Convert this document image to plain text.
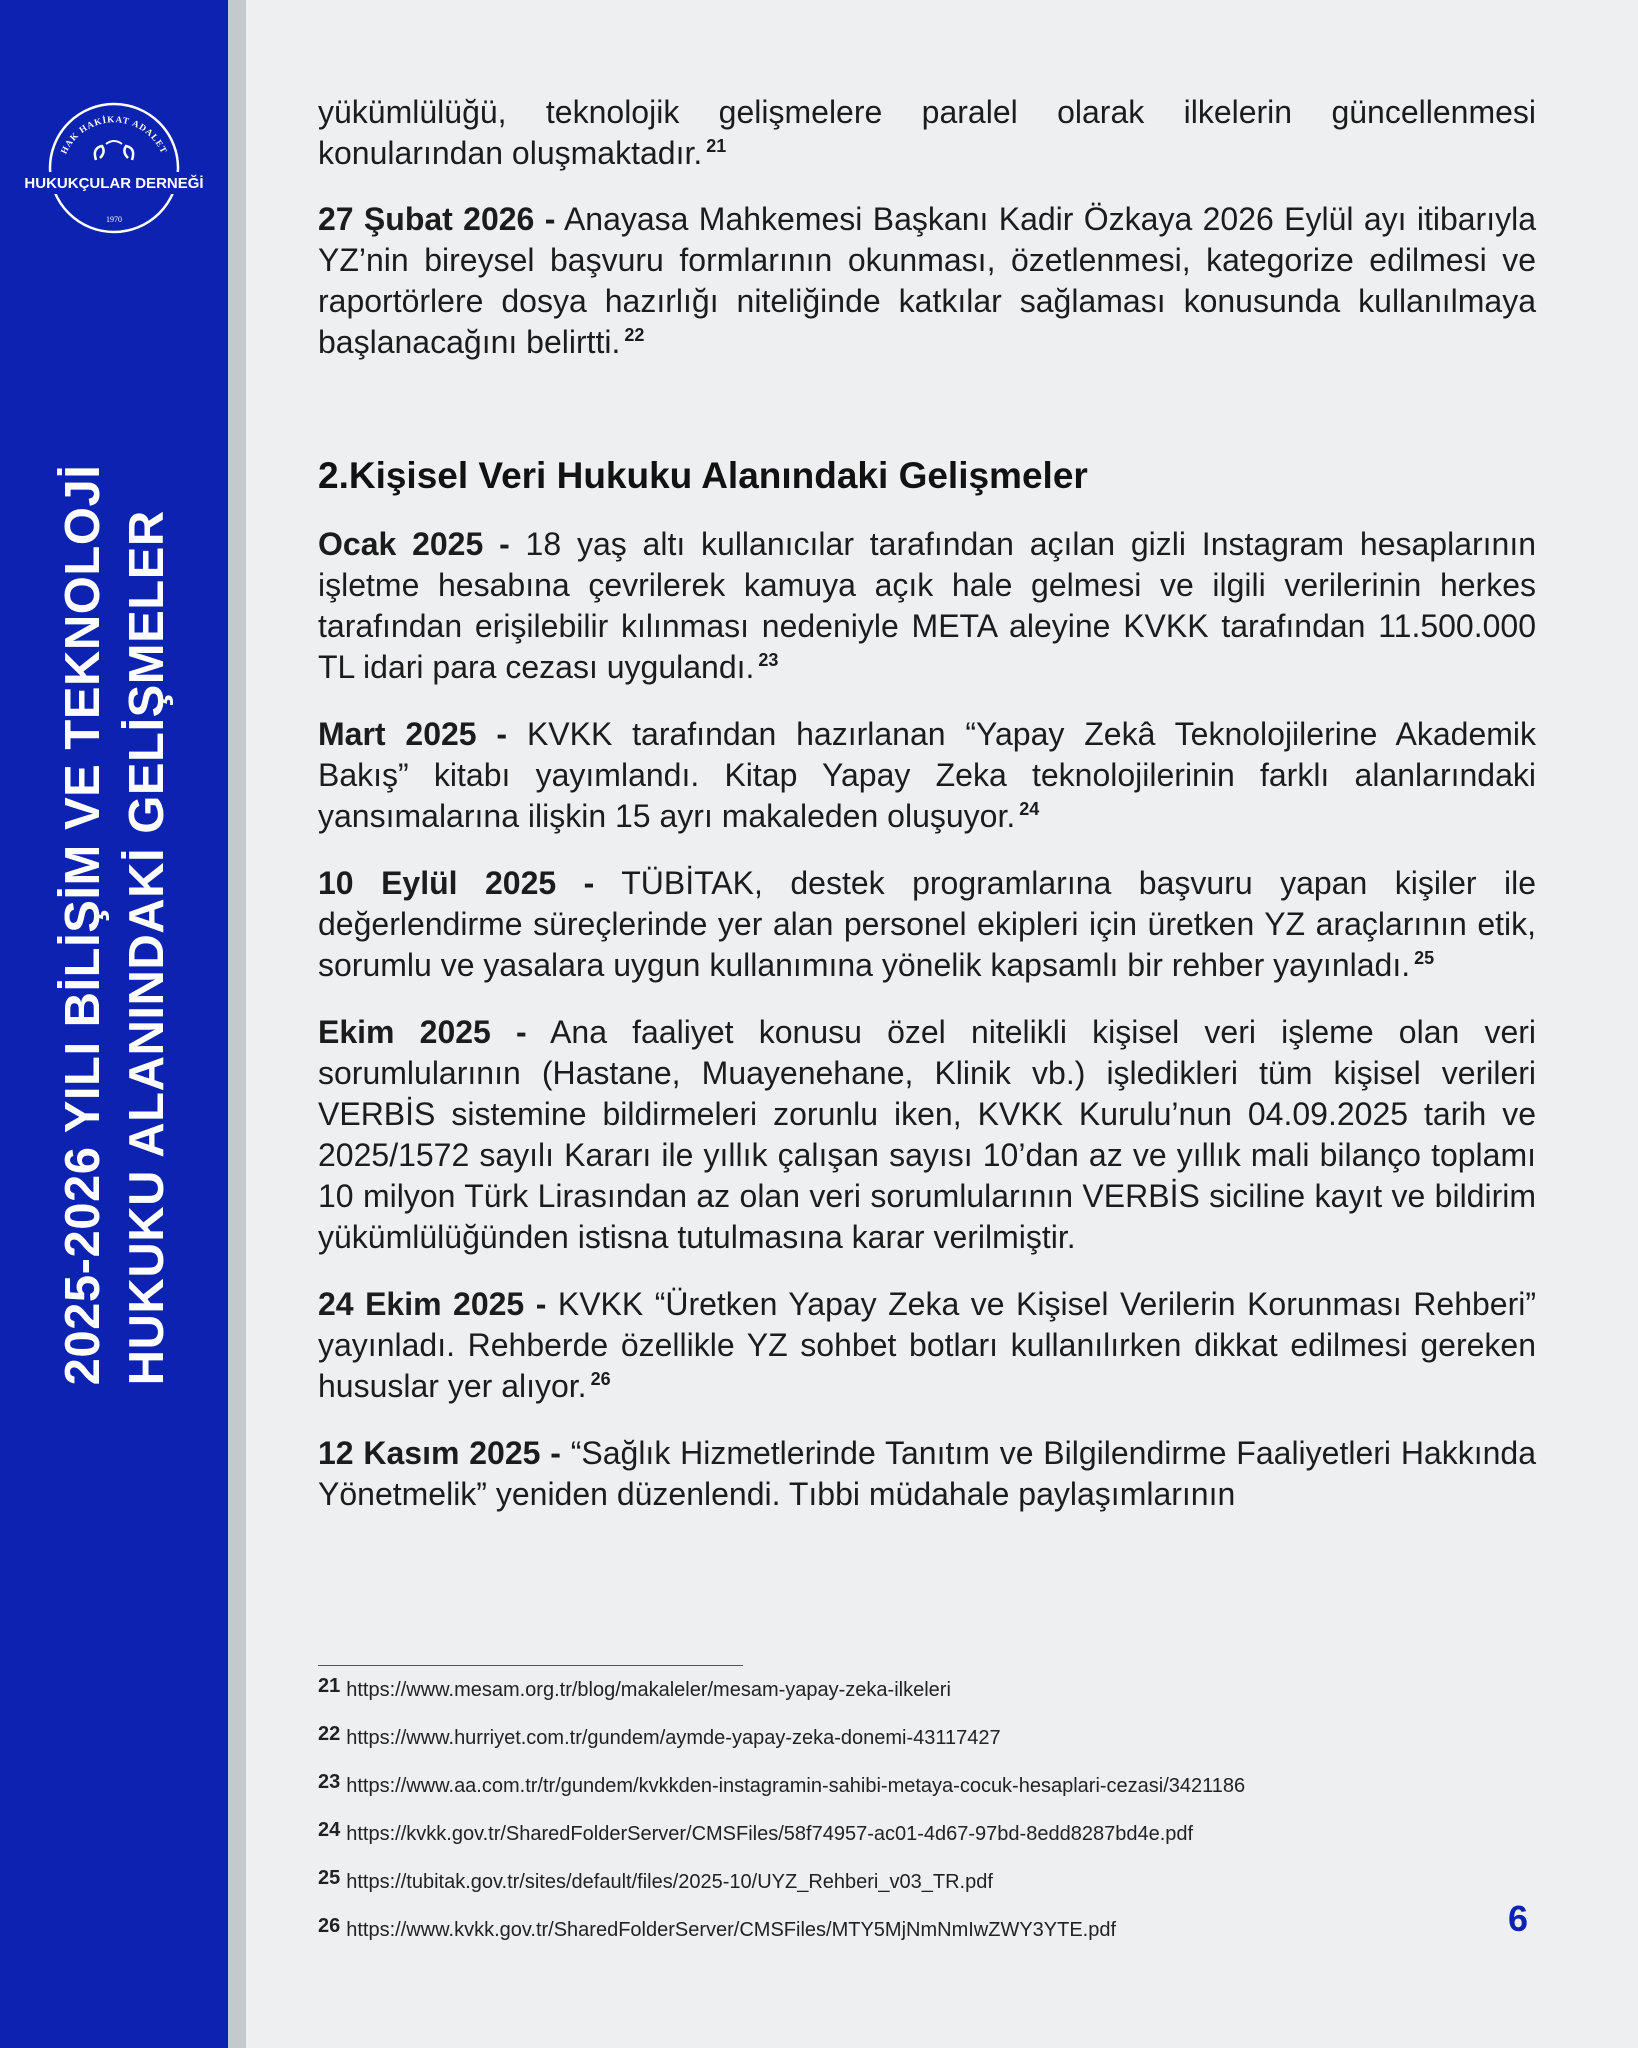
HAK HAKİKAT ADALET
HUKUKÇULAR DERNEĞİ
1970
2025-2026 YILI BİLİŞİM VE TEKNOLOJİ HUKUKU ALANINDAKİ GELİŞMELER

yükümlülüğü, teknolojik gelişmelere paralel olarak ilkelerin güncellenmesi konularından oluşmaktadır. $^{21}$

27 Şubat 2026 - Anayasa Mahkemesi Başkanı Kadir Özkaya 2026 Eylül ayı itibarıyla YZ’nin bireysel başvuru formlarının okunması, özetlenmesi, kategorize edilmesi ve raportörlere dosya hazırlığı niteliğinde katkılar sağlaması konusunda kullanılmaya başlanacağını belirtti. $^{22}$

2.Kişisel Veri Hukuku Alanındaki Gelişmeler

Ocak 2025 - 18 yaş altı kullanıcılar tarafından açılan gizli Instagram hesaplarının işletme hesabına çevrilerek kamuya açık hale gelmesi ve ilgili verilerinin herkes tarafından erişilebilir kılınması nedeniyle META aleyine KVKK tarafından 11.500.000 TL idari para cezası uygulandı. $^{23}$

Mart 2025 - KVKK tarafından hazırlanan “Yapay Zekâ Teknolojilerine Akademik Bakış” kitabı yayımlandı. Kitap Yapay Zeka teknolojilerinin farklı alanlarındaki yansımalarına ilişkin 15 ayrı makaleden oluşuyor. $^{24}$

10 Eylül 2025 - TÜBİTAK, destek programlarına başvuru yapan kişiler ile değerlendirme süreçlerinde yer alan personel ekipleri için üretken YZ araçlarının etik, sorumlu ve yasalara uygun kullanımına yönelik kapsamlı bir rehber yayınladı. $^{25}$

Ekim 2025 - Ana faaliyet konusu özel nitelikli kişisel veri işleme olan veri sorumlularının (Hastane, Muayenehane, Klinik vb.) işledikleri tüm kişisel verileri VERBİS sistemine bildirmeleri zorunlu iken, KVKK Kurulu’nun 04.09.2025 tarih ve 2025/1572 sayılı Kararı ile yıllık çalışan sayısı 10’dan az ve yıllık mali bilanço toplamı 10 milyon Türk Lirasından az olan veri sorumlularının VERBİS siciline kayıt ve bildirim yükümlülüğünden istisna tutulmasına karar verilmiştir.

24 Ekim 2025 - KVKK “Üretken Yapay Zeka ve Kişisel Verilerin Korunması Rehberi” yayınladı. Rehberde özellikle YZ sohbet botları kullanılırken dikkat edilmesi gereken hususlar yer alıyor. $^{26}$

12 Kasım 2025 - “Sağlık Hizmetlerinde Tanıtım ve Bilgilendirme Faaliyetleri Hakkında Yönetmelik” yeniden düzenlendi. Tıbbi müdahale paylaşımlarının

21 https://www.mesam.org.tr/blog/makaleler/mesam-yapay-zeka-ilkeleri
22 https://www.hurriyet.com.tr/gundem/aymde-yapay-zeka-donemi-43117427
23 https://www.aa.com.tr/tr/gundem/kvkkden-instagramin-sahibi-metaya-cocuk-hesaplari-cezasi/3421186
24 https://kvkk.gov.tr/SharedFolderServer/CMSFiles/58f74957-ac01-4d67-97bd-8edd8287bd4e.pdf
25 https://tubitak.gov.tr/sites/default/files/2025-10/UYZ_Rehberi_v03_TR.pdf
26 https://www.kvkk.gov.tr/SharedFolderServer/CMSFiles/MTY5MjNmNmIwZWY3YTE.pdf	6
